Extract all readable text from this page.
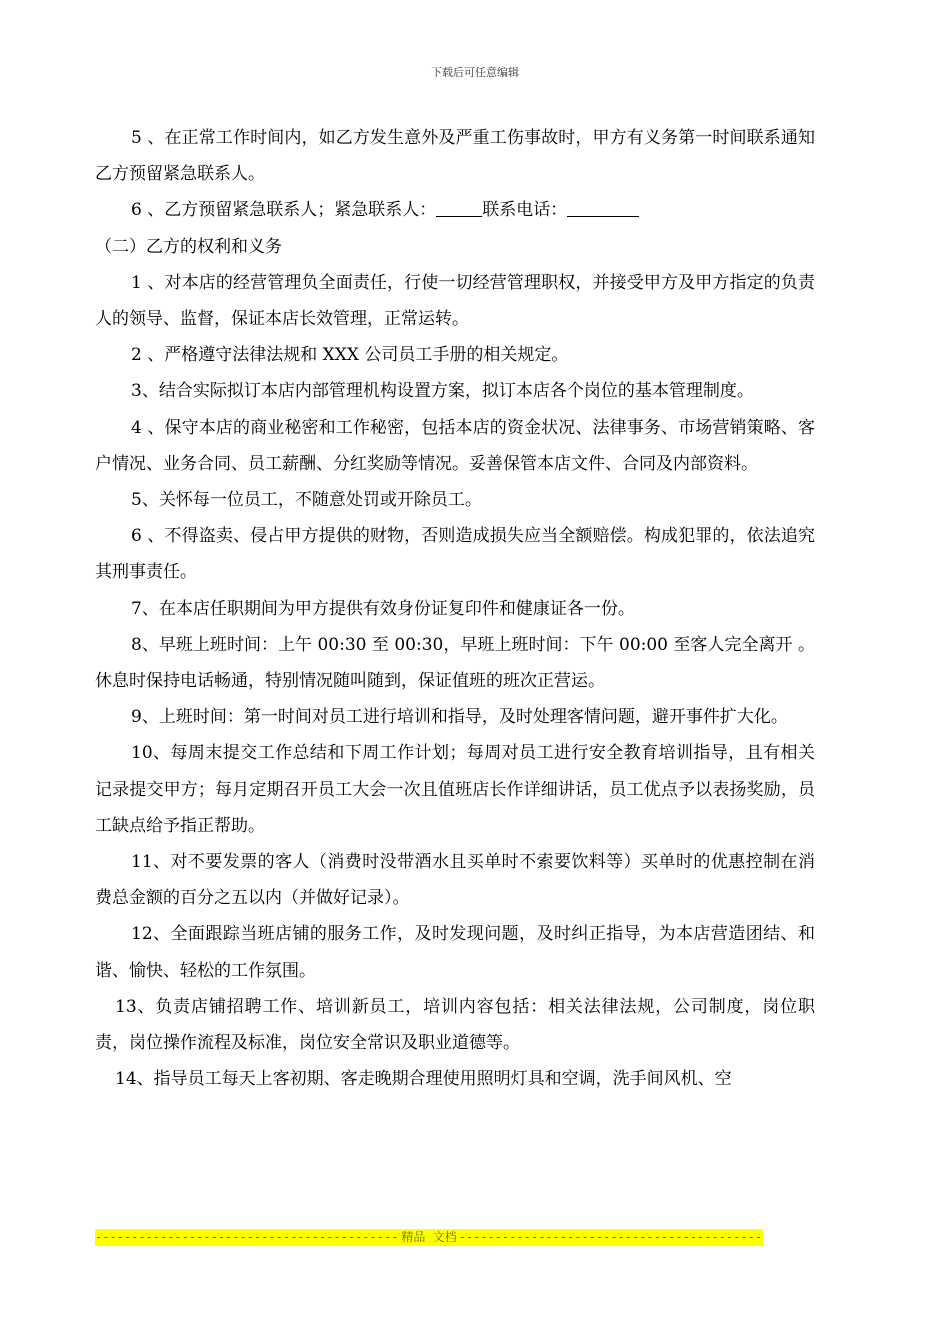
下载后可任意编辑

5 、在正常工作时间内，如乙方发生意外及严重工伤事故时，甲方有义务第一时间联系通知乙方预留紧急联系人。

6 、乙方预留紧急联系人；紧急联系人：	联系电话：

（二）乙方的权利和义务

1 、对本店的经营管理负全面责任，行使一切经营管理职权，并接受甲方及甲方指定的负责人的领导、监督，保证本店长效管理，正常运转。

2 、严格遵守法律法规和 XXX 公司员工手册的相关规定。

3、结合实际拟订本店内部管理机构设置方案，拟订本店各个岗位的基本管理制度。

4 、保守本店的商业秘密和工作秘密，包括本店的资金状况、法律事务、市场营销策略、客户情况、业务合同、员工薪酬、分红奖励等情况。妥善保管本店文件、合同及内部资料。

5、关怀每一位员工，不随意处罚或开除员工。

6 、不得盗卖、侵占甲方提供的财物，否则造成损失应当全额赔偿。构成犯罪的，依法追究其刑事责任。

7、在本店任职期间为甲方提供有效身份证复印件和健康证各一份。

8、早班上班时间：上午 00:30 至 00:30，早班上班时间：下午 00:00 至客人完全离开 。休息时保持电话畅通，特别情况随叫随到，保证值班的班次正营运。

9、上班时间：第一时间对员工进行培训和指导，及时处理客情问题，避开事件扩大化。

10、每周末提交工作总结和下周工作计划；每周对员工进行安全教育培训指导，且有相关记录提交甲方；每月定期召开员工大会一次且值班店长作详细讲话，员工优点予以表扬奖励，员工缺点给予指正帮助。

11、对不要发票的客人（消费时没带酒水且买单时不索要饮料等）买单时的优惠控制在消费总金额的百分之五以内（并做好记录）。

12、全面跟踪当班店铺的服务工作，及时发现问题，及时纠正指导，为本店营造团结、和谐、愉快、轻松的工作氛围。

13、负责店铺招聘工作、培训新员工，培训内容包括：相关法律法规，公司制度，岗位职责，岗位操作流程及标准，岗位安全常识及职业道德等。

14、指导员工每天上客初期、客走晚期合理使用照明灯具和空调，洗手间风机、空

-----
精品 文档
-----
